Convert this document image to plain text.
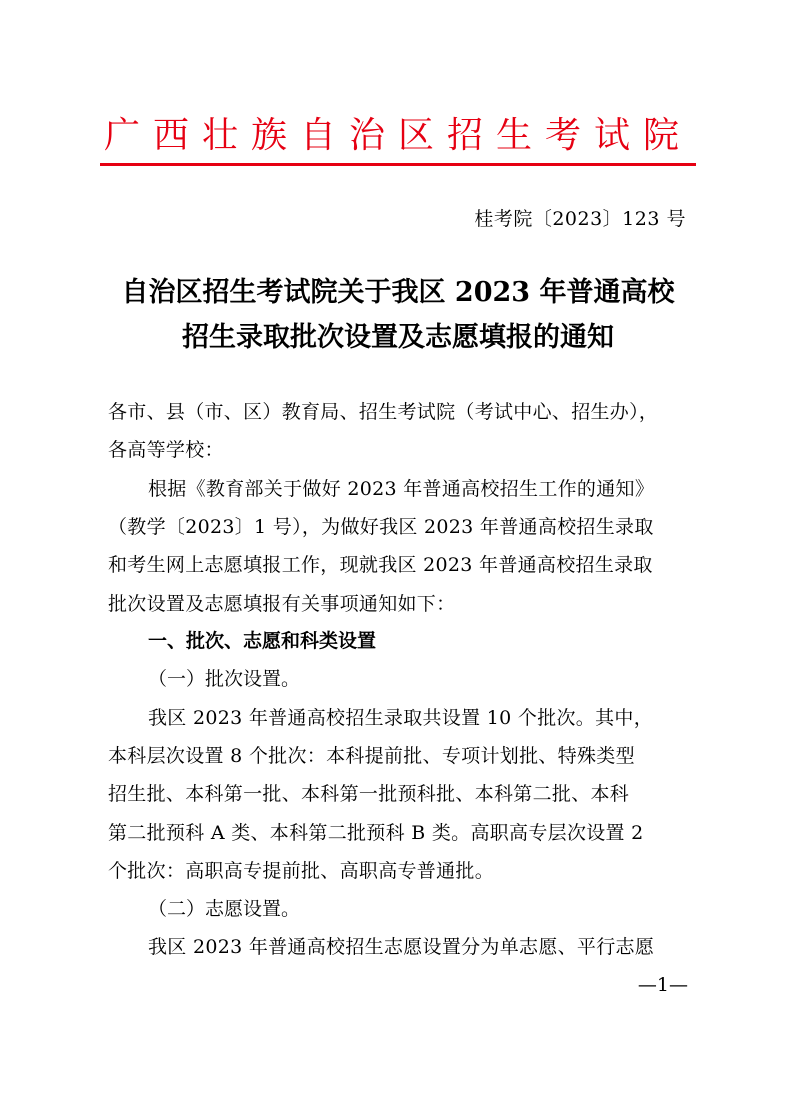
广西壮族自治区招生考试院
桂考院〔2023〕123 号
自治区招生考试院关于我区 2023 年普通高校
招生录取批次设置及志愿填报的通知
各市、县（市、区）教育局、招生考试院（考试中心、招生办），
各高等学校：
根据《教育部关于做好 2023 年普通高校招生工作的通知》
（教学〔2023〕1 号），为做好我区 2023 年普通高校招生录取
和考生网上志愿填报工作，现就我区 2023 年普通高校招生录取
批次设置及志愿填报有关事项通知如下：
一、批次、志愿和科类设置
（一）批次设置。
我区 2023 年普通高校招生录取共设置 10 个批次。其中，
本科层次设置 8 个批次：本科提前批、专项计划批、特殊类型
招生批、本科第一批、本科第一批预科批、本科第二批、本科
第二批预科 A 类、本科第二批预科 B 类。高职高专层次设置 2
个批次：高职高专提前批、高职高专普通批。
（二）志愿设置。
我区 2023 年普通高校招生志愿设置分为单志愿、平行志愿
—1—
